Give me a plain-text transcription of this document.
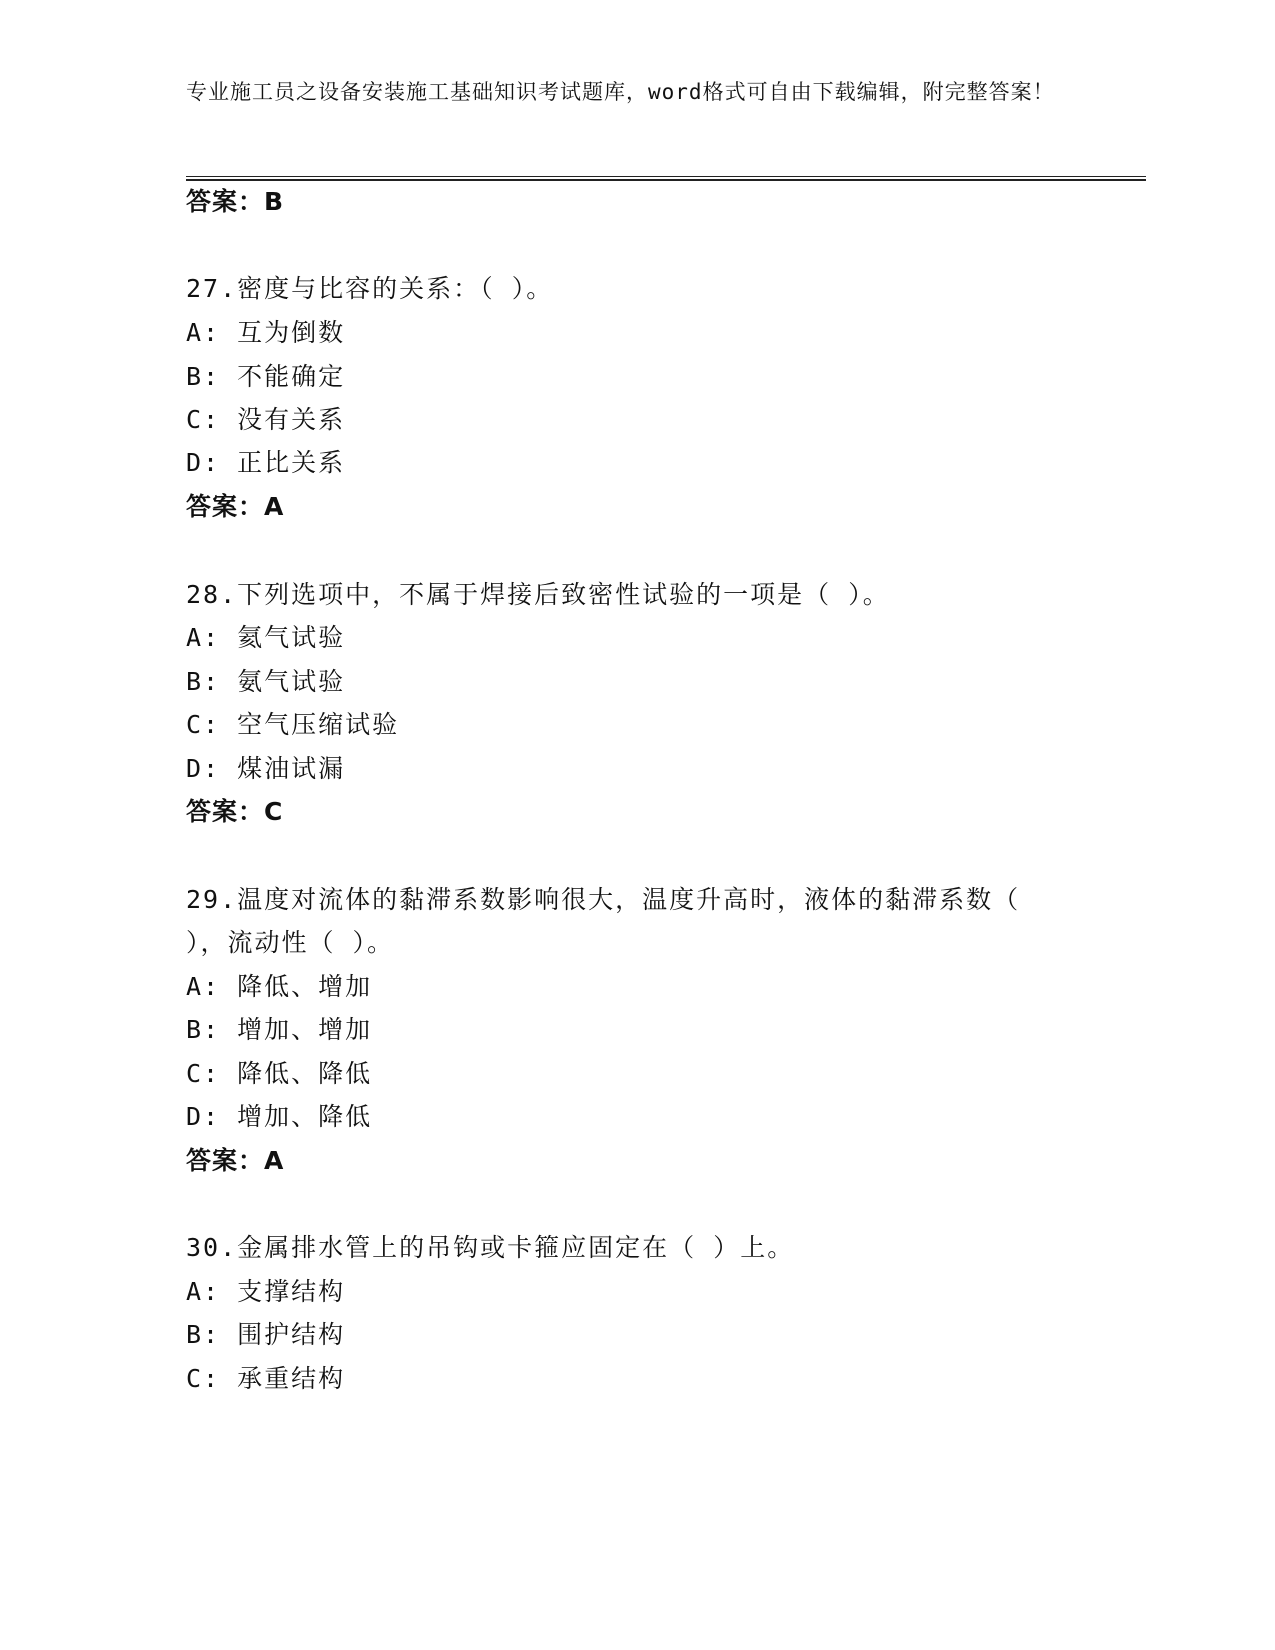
专业施工员之设备安装施工基础知识考试题库，word格式可自由下载编辑，附完整答案！
答案：B
27.密度与比容的关系：（ ）。
A: 互为倒数
B: 不能确定
C: 没有关系
D: 正比关系
答案：A
28.下列选项中，不属于焊接后致密性试验的一项是（ ）。
A: 氦气试验
B: 氨气试验
C: 空气压缩试验
D: 煤油试漏
答案：C
29.温度对流体的黏滞系数影响很大，温度升高时，液体的黏滞系数（
），流动性（ ）。
A: 降低、增加
B: 增加、增加
C: 降低、降低
D: 增加、降低
答案：A
30.金属排水管上的吊钩或卡箍应固定在（ ）上。
A: 支撑结构
B: 围护结构
C: 承重结构
